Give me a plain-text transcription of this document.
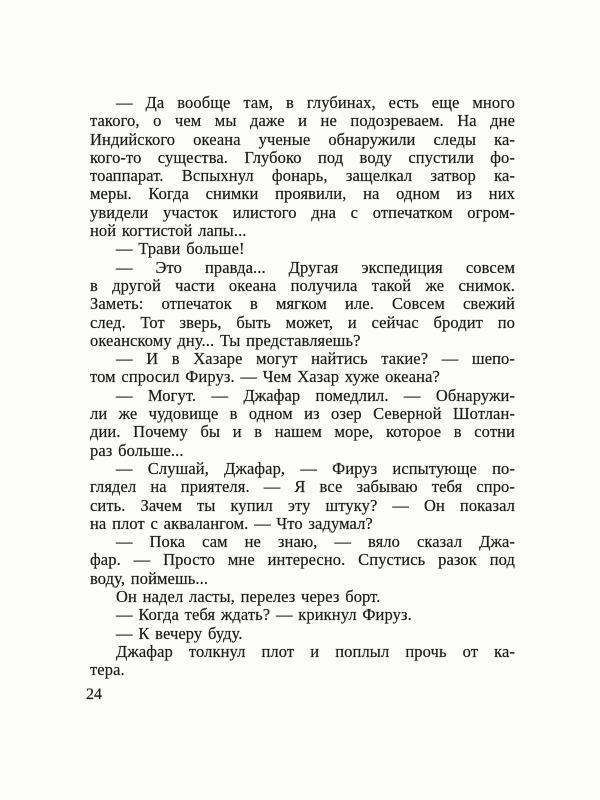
— Да вообще там, в глубинах, есть еще много
такого, о чем мы даже и не подозреваем. На дне
Индийского океана ученые обнаружили следы ка-
кого-то существа. Глубоко под воду спустили фо-
тоаппарат. Вспыхнул фонарь, защелкал затвор ка-
меры. Когда снимки проявили, на одном из них
увидели участок илистого дна с отпечатком огром-
ной когтистой лапы...
— Трави больше!
— Это правда... Другая экспедиция совсем
в другой части океана получила такой же снимок.
Заметь: отпечаток в мягком иле. Совсем свежий
след. Тот зверь, быть может, и сейчас бродит по
океанскому дну... Ты представляешь?
— И в Хазаре могут найтись такие? — шепо-
том спросил Фируз. — Чем Хазар хуже океана?
— Могут. — Джафар помедлил. — Обнаружи-
ли же чудовище в одном из озер Северной Шотлан-
дии. Почему бы и в нашем море, которое в сотни
раз больше...
— Слушай, Джафар, — Фируз испытующе по-
глядел на приятеля. — Я все забываю тебя спро-
сить. Зачем ты купил эту штуку? — Он показал
на плот с аквалангом. — Что задумал?
— Пока сам не знаю, — вяло сказал Джа-
фар. — Просто мне интересно. Спустись разок под
воду, поймешь...
Он надел ласты, перелез через борт.
— Когда тебя ждать? — крикнул Фируз.
— К вечеру буду.
Джафар толкнул плот и поплыл прочь от ка-
тера.
24
